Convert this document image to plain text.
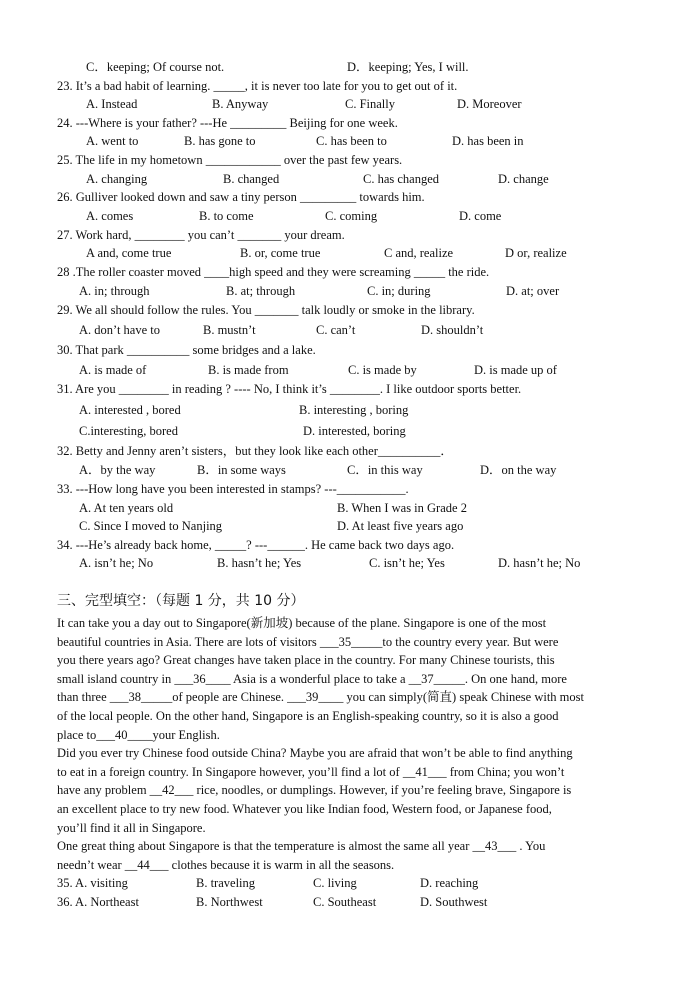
C．keeping; Of course not.	D．keeping; Yes, I will.
23. It’s a bad habit of learning. _____, it is never too late for you to get out of it.
A. Instead	B. Anyway	C. Finally	D. Moreover
24. ---Where is your father? ---He _________ Beijing for one week.
A. went to	B. has gone to	C. has been to	D. has been in
25. The life in my hometown ____________ over the past few years.
A. changing	B. changed	C. has changed	D. change
26. Gulliver looked down and saw a tiny person _________ towards him.
A. comes	B. to come	C. coming	D. come
27. Work hard, ________ you can’t _______ your dream.
A and, come true	B. or, come true	C and, realize	D or, realize
28 .The roller coaster moved ____high speed and they were screaming _____ the ride.
A. in; through	B. at; through	C. in; during	D. at; over
29. We all should follow the rules. You _______ talk loudly or smoke in the library.
A. don’t have to	B. mustn’t	C. can’t	D. shouldn’t
30. That park __________ some bridges and a lake.
A. is made of	B. is made from	C. is made by	D. is made up of
31. Are you ________ in reading ? ---- No, I think it’s ________. I like outdoor sports better.
A. interested , bored	B. interesting , boring
C.interesting, bored	D. interested, boring
32. Betty and Jenny aren’t sisters，but they look like each other__________．
A．by the way	B．in some ways	C．in this way	D．on the way
33. ---How long have you been interested in stamps? ---___________.
A. At ten years old	B. When I was in Grade 2
C. Since I moved to Nanjing	D. At least five years ago
34. ---He’s already back home, _____? ---______. He came back two days ago.
A. isn’t he; No	B. hasn’t he; Yes	C. isn’t he; Yes	D. hasn’t he; No
三、完型填空：（每题 1 分，共 10 分）
It can take you a day out to Singapore(新加坡) because of the plane. Singapore is one of the most
beautiful countries in Asia. There are lots of visitors ___35_____to the country every year. But were
you there years ago? Great changes have taken place in the country. For many Chinese tourists, this
small island country in ___36____ Asia is a wonderful place to take a __37_____. On one hand, more
than three ___38_____of people are Chinese. ___39____ you can simply(简直) speak Chinese with most
of the local people. On the other hand, Singapore is an English-speaking country, so it is also a good
place to___40____your English.
Did you ever try Chinese food outside China? Maybe you are afraid that won’t be able to find anything
to eat in a foreign country. In Singapore however, you’ll find a lot of __41___ from China; you won’t
have any problem __42___ rice, noodles, or dumplings. However, if you’re feeling brave, Singapore is
an excellent place to try new food. Whatever you like Indian food, Western food, or Japanese food,
you’ll find it all in Singapore.
One great thing about Singapore is that the temperature is almost the same all year __43___ . You
needn’t wear __44___ clothes because it is warm in all the seasons.
35. A. visiting	B. traveling	C. living	D. reaching
36. A. Northeast	B. Northwest	C. Southeast	D. Southwest
